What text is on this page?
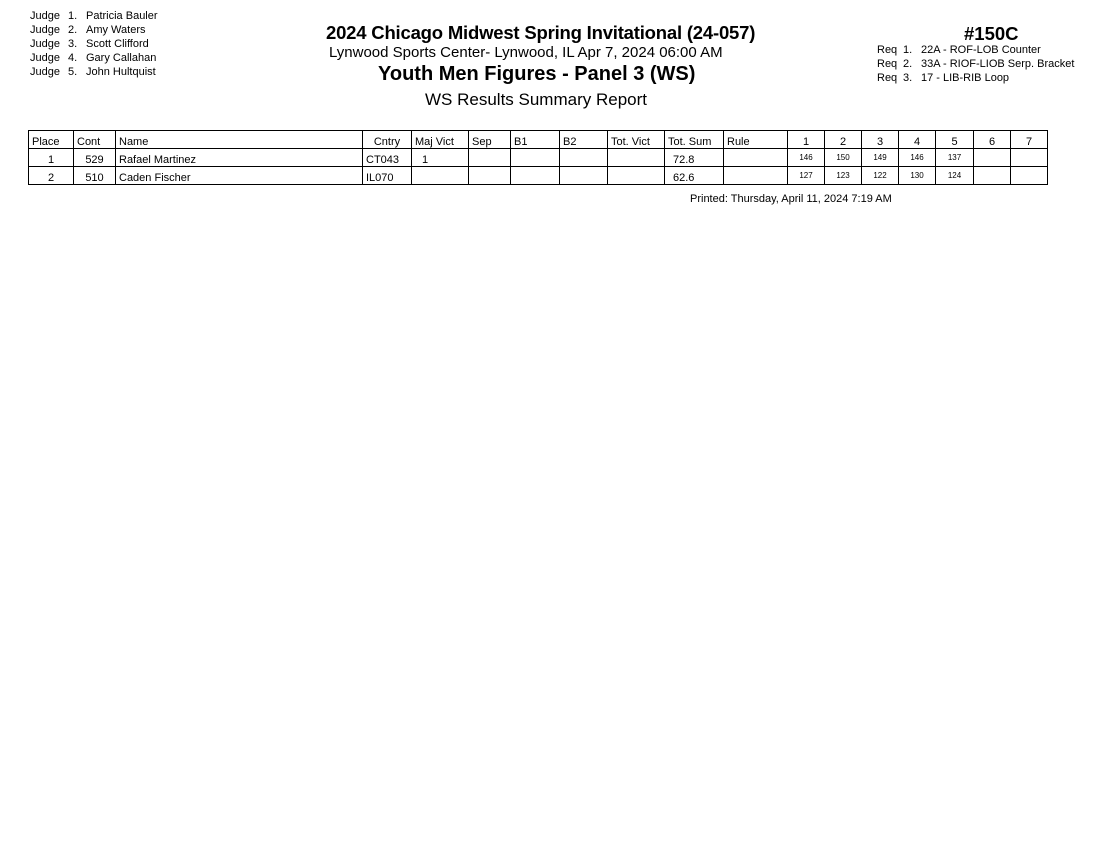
Judge 1. Patricia Bauler
Judge 2. Amy Waters
Judge 3. Scott Clifford
Judge 4. Gary Callahan
Judge 5. John Hultquist
2024 Chicago Midwest Spring Invitational (24-057)
Lynwood Sports Center- Lynwood, IL Apr 7, 2024 06:00 AM
Youth Men Figures - Panel 3 (WS)
WS Results Summary Report
#150C
Req 1. 22A - ROF-LOB Counter
Req 2. 33A - RIOF-LIOB Serp. Bracket
Req 3. 17 - LIB-RIB Loop
Place	Cont	Name	Cntry	Maj Vict	Sep	B1	B2	Tot. Vict	Tot. Sum	Rule	1	2	3	4	5	6	7
1	529	Rafael Martinez	CT043	1					72.8		146	150	149	146	137		
2	510	Caden Fischer	IL070						62.6		127	123	122	130	124		
Printed: Thursday, April 11, 2024 7:19 AM
